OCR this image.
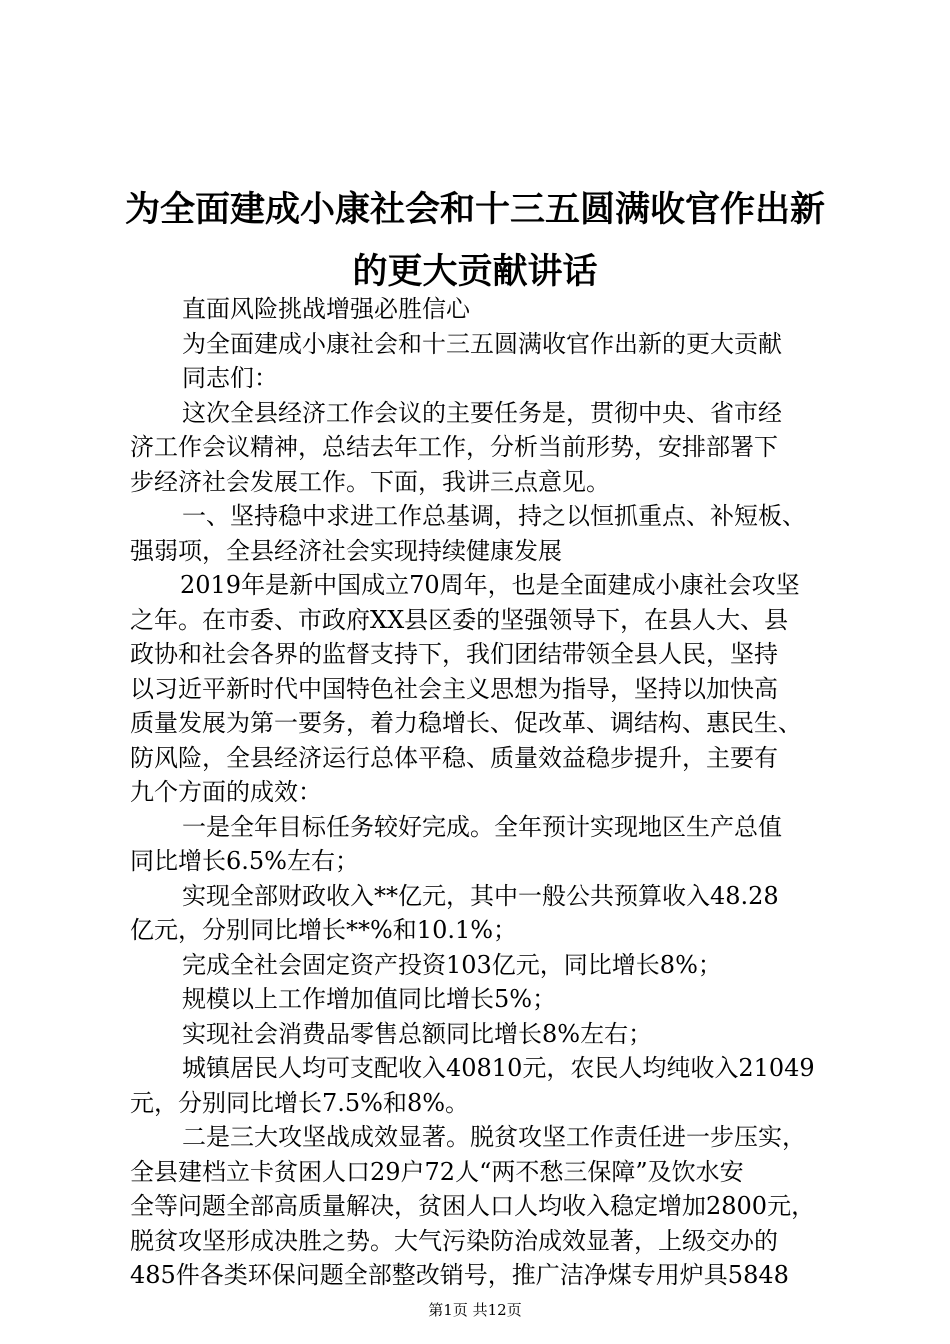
为全面建成小康社会和十三五圆满收官作出新
的更大贡献讲话

直面风险挑战增强必胜信心

为全面建成小康社会和十三五圆满收官作出新的更大贡献

同志们：

这次全县经济工作会议的主要任务是，贯彻中央、省市经

济工作会议精神，总结去年工作，分析当前形势，安排部署下

步经济社会发展工作。下面，我讲三点意见。

一、坚持稳中求进工作总基调，持之以恒抓重点、补短板、

强弱项，全县经济社会实现持续健康发展

2019年是新中国成立70周年，也是全面建成小康社会攻坚

之年。在市委、市政府XX县区委的坚强领导下，在县人大、县

政协和社会各界的监督支持下，我们团结带领全县人民，坚持

以习近平新时代中国特色社会主义思想为指导，坚持以加快高

质量发展为第一要务，着力稳增长、促改革、调结构、惠民生、

防风险，全县经济运行总体平稳、质量效益稳步提升，主要有

九个方面的成效：

一是全年目标任务较好完成。全年预计实现地区生产总值

同比增长6.5%左右；

实现全部财政收入**亿元，其中一般公共预算收入48.28

亿元，分别同比增长**%和10.1%；

完成全社会固定资产投资103亿元，同比增长8%；

规模以上工作增加值同比增长5%；

实现社会消费品零售总额同比增长8%左右；

城镇居民人均可支配收入40810元，农民人均纯收入21049

元，分别同比增长7.5%和8%。

二是三大攻坚战成效显著。脱贫攻坚工作责任进一步压实，

全县建档立卡贫困人口29户72人“两不愁三保障”及饮水安

全等问题全部高质量解决，贫困人口人均收入稳定增加2800元，

脱贫攻坚形成决胜之势。大气污染防治成效显著，上级交办的

485件各类环保问题全部整改销号，推广洁净煤专用炉具5848

第1页 共12页
